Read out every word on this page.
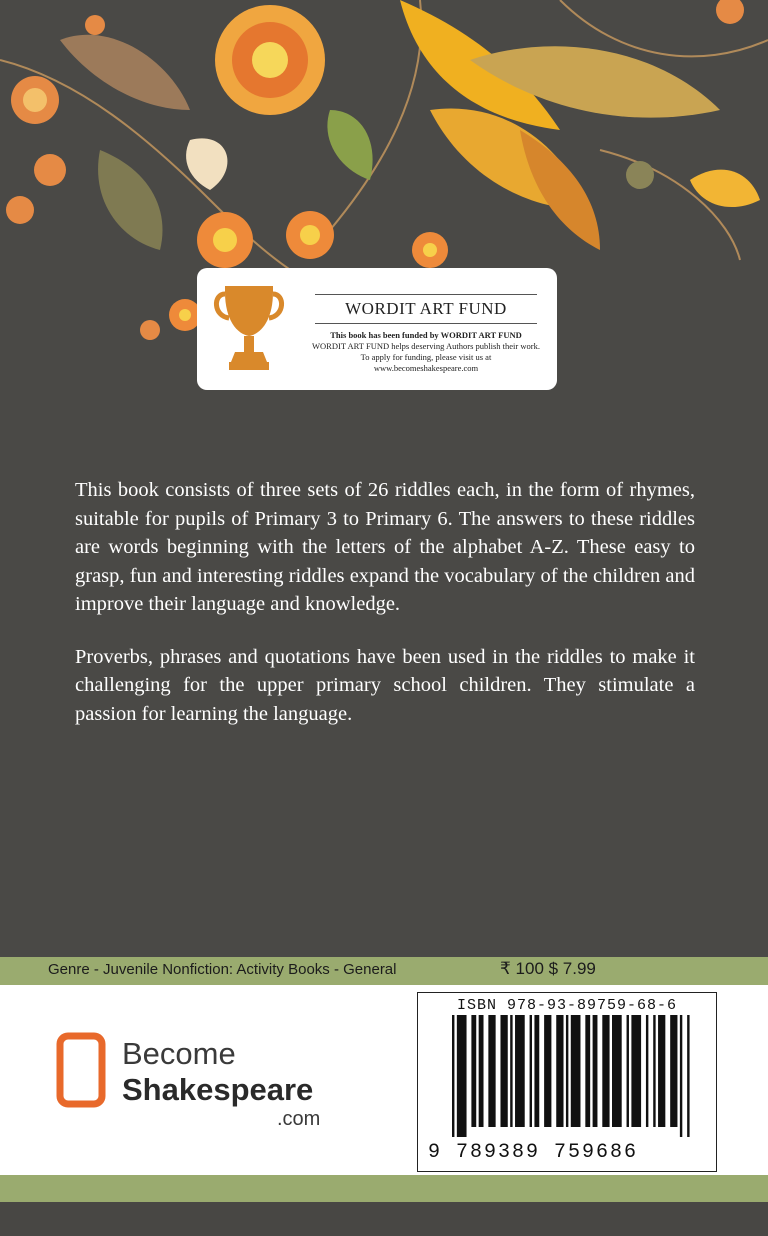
WORDIT ART FUND
This book has been funded by WORDIT ART FUND
WORDIT ART FUND helps deserving Authors publish their work.
To apply for funding, please visit us at
www.becomeshakespeare.com

This book consists of three sets of 26 riddles each, in the form of rhymes, suitable for pupils of Primary 3 to Primary 6. The answers to these riddles are words beginning with the letters of the alphabet A-Z. These easy to grasp, fun and interesting riddles expand the vocabulary of the children and improve their language and knowledge.

Proverbs, phrases and quotations have been used in the riddles to make it challenging for the upper primary school children. They stimulate a passion for learning the language.

Genre - Juvenile Nonfiction: Activity Books - General	₹ 100 $ 7.99
Become
Shakespeare
.com
ISBN 978-93-89759-68-6
9 789389 759686
